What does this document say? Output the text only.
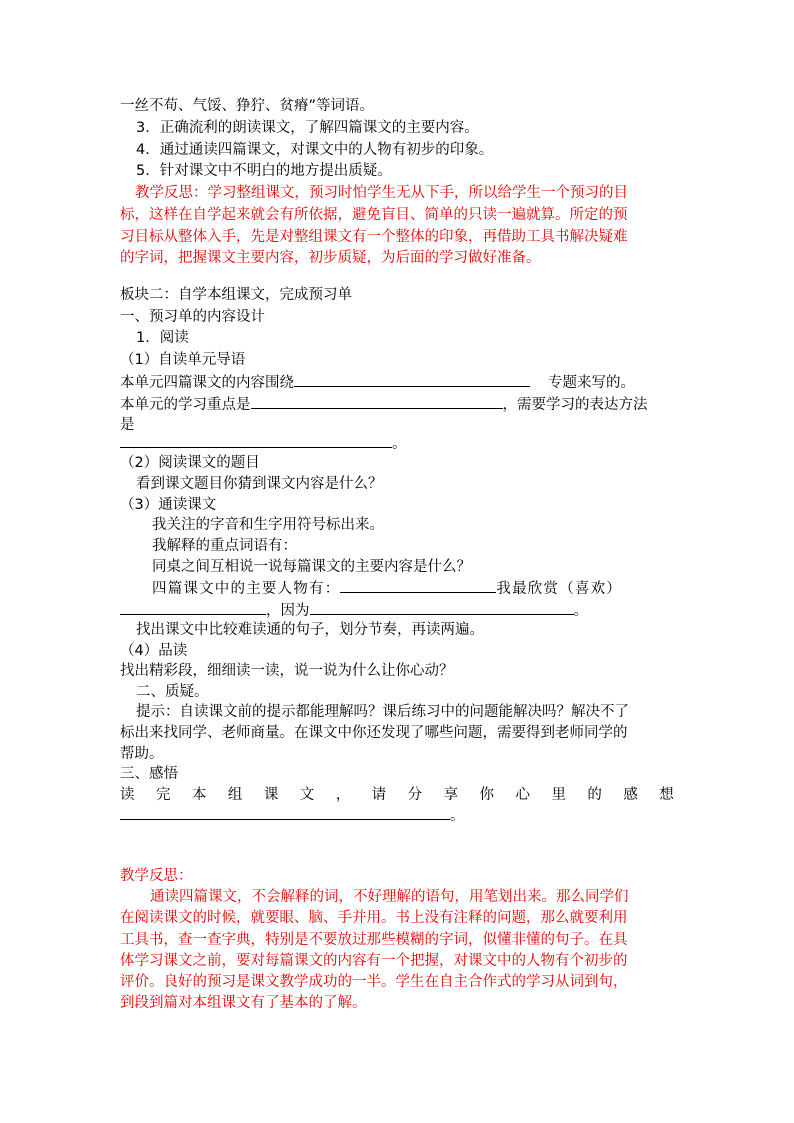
一丝不苟、气馁、狰狞、贫瘠”等词语。
3．正确流利的朗读课文，了解四篇课文的主要内容。
4．通过通读四篇课文，对课文中的人物有初步的印象。
5．针对课文中不明白的地方提出质疑。
教学反思：学习整组课文，预习时怕学生无从下手，所以给学生一个预习的目
标，这样在自学起来就会有所依据，避免盲目、简单的只读一遍就算。所定的预
习目标从整体入手，先是对整组课文有一个整体的印象，再借助工具书解决疑难
的字词，把握课文主要内容，初步质疑，为后面的学习做好准备。
板块二：自学本组课文，完成预习单
一、预习单的内容设计
1．阅读
（1）自读单元导语
本单元四篇课文的内容围绕	专题来写的。
本单元的学习重点是	，需要学习的表达方法
是
。
（2）阅读课文的题目
看到课文题目你猜到课文内容是什么？
（3）通读课文
我关注的字音和生字用符号标出来。
我解释的重点词语有：
同桌之间互相说一说每篇课文的主要内容是什么？
四篇课文中的主要人物有：	我最欣赏（喜欢）
，因为	。
找出课文中比较难读通的句子，划分节奏，再读两遍。
（4）品读
找出精彩段，细细读一读，说一说为什么让你心动？
二、质疑。
提示：自读课文前的提示都能理解吗？课后练习中的问题能解决吗？解决不了
标出来找同学、老师商量。在课文中你还发现了哪些问题，需要得到老师同学的
帮助。
三、感悟
读 完 本 组 课 文 ， 请 分 享 你 心 里 的 感 想
。
教学反思：
通读四篇课文，不会解释的词，不好理解的语句，用笔划出来。那么同学们
在阅读课文的时候，就要眼、脑、手并用。书上没有注释的问题，那么就要利用
工具书，查一查字典，特别是不要放过那些模糊的字词，似懂非懂的句子。在具
体学习课文之前，要对每篇课文的内容有一个把握，对课文中的人物有个初步的
评价。良好的预习是课文教学成功的一半。学生在自主合作式的学习从词到句，
到段到篇对本组课文有了基本的了解。
